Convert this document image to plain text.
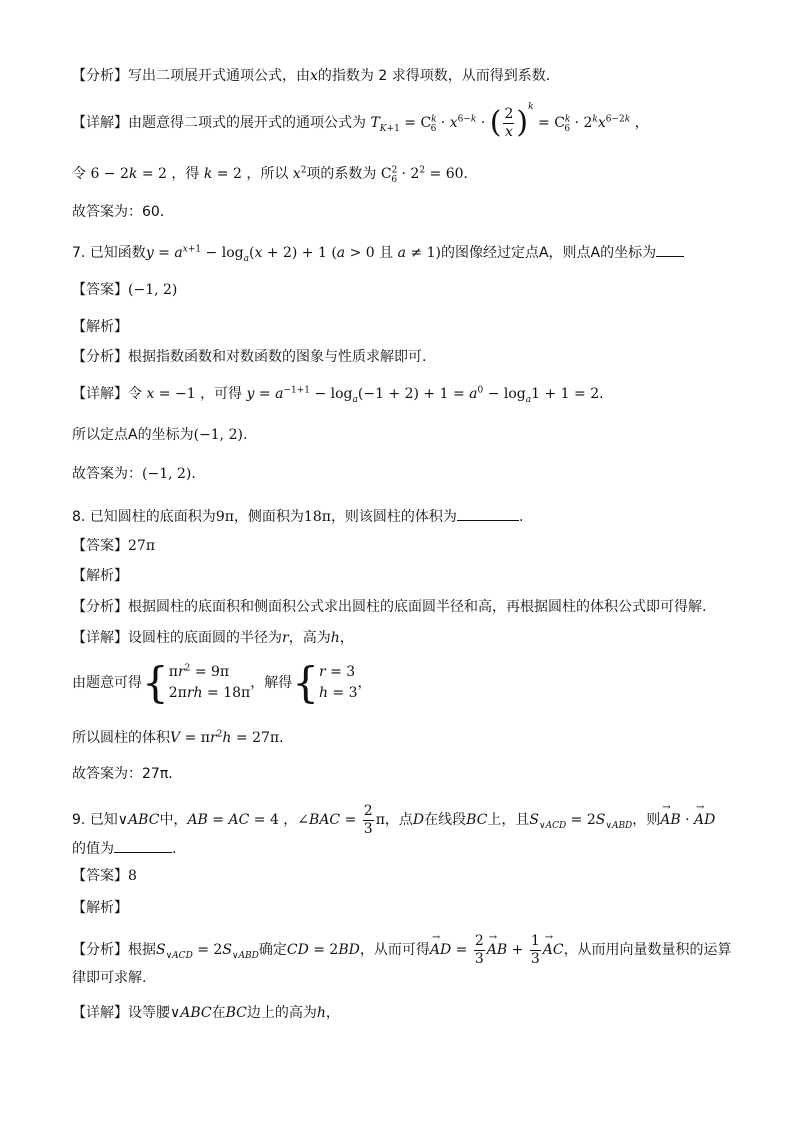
【分析】写出二项展开式通项公式，由x的指数为 2 求得项数，从而得到系数．
【详解】由题意得二项式的展开式的通项公式为 $T_{K+1} = C^k_6 \cdot x^{6-k}$ · ( $\frac{2}{x} )^k = C^k_6 \cdot 2^kx^{6-2k}$ ，
令 6 − 2k = 2 ，得 k = 2 ，所以 $x^2$项的系数为 $C^2_6 \cdot 2^2 = 60$．
故答案为：60．
7. 已知函数$y = a^{x+1} - \log_a(x + 2) + 1$ (a > 0 且 a ≠ 1)的图像经过定点A，则点A的坐标为
【答案】(−1, 2)
【解析】
【分析】根据指数函数和对数函数的图象与性质求解即可.
【详解】令 x = −1 ，可得 $y = a^{-1+1} - \log_a(-1 + 2) + 1 = a^0 - \log_a1 + 1 = 2$.
所以定点A的坐标为(−1, 2).
故答案为：(−1, 2).
8. 已知圆柱的底面积为9π，侧面积为18π，则该圆柱的体积为	.
【答案】27π
【解析】
【分析】根据圆柱的底面积和侧面积公式求出圆柱的底面圆半径和高，再根据圆柱的体积公式即可得解.
【详解】设圆柱的底面圆的半径为r，高为h，
由题意可得{ $\pi r^2 = 9\pi$
2πrh = 18π
，解得{ r = 3
h = 3
，
所以圆柱的体积$V = \pi r^2h = 27\pi$.
故答案为：27π．
9. 已知∨ABC中，AB = AC = 4 ，∠BAC = $\frac{2}{3}$ π，点D在线段BC上，且$S_{\vee ACD} = 2S_{\vee ABD}$，则→ AB · → AD
的值为	.
【答案】8
【解析】
【分析】根据$S_{\vee ACD} = 2S_{\vee ABD}$确定CD = 2BD，从而可得→ AD = $\frac{2}{3}$ → AB + $\frac{1}{3}$ → AC，从而用向量数量积的运算
律即可求解.
【详解】设等腰∨ABC在BC边上的高为h，
